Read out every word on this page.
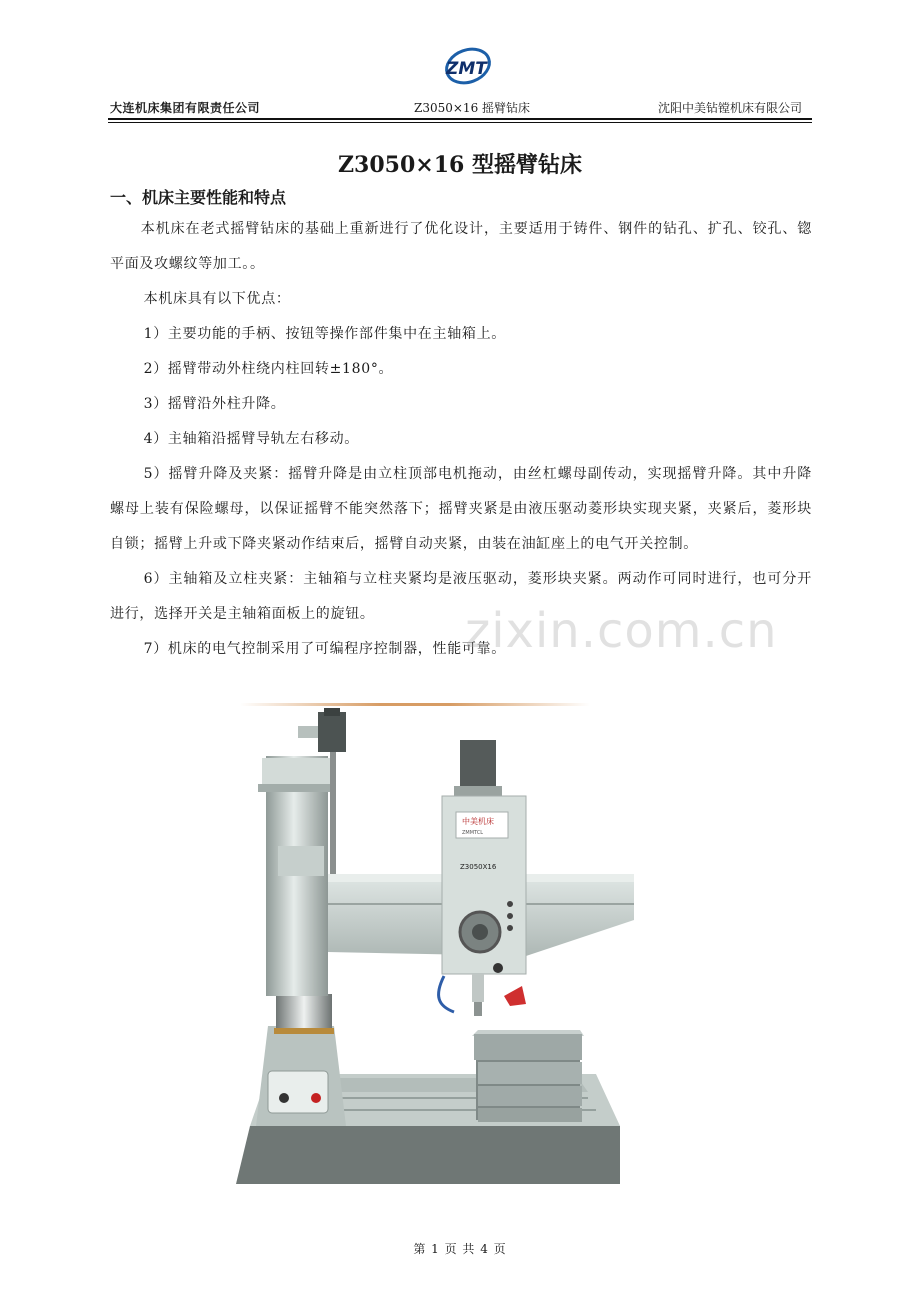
ZMT
大连机床集团有限责任公司	Z3050×16 摇臂钻床	沈阳中美钻镗机床有限公司
Z3050×16 型摇臂钻床
一、机床主要性能和特点

本机床在老式摇臂钻床的基础上重新进行了优化设计，主要适用于铸件、钢件的钻孔、扩孔、铰孔、锪平面及攻螺纹等加工。。

本机床具有以下优点：

1）主要功能的手柄、按钮等操作部件集中在主轴箱上。

2）摇臂带动外柱绕内柱回转±180°。

3）摇臂沿外柱升降。

4）主轴箱沿摇臂导轨左右移动。

5）摇臂升降及夹紧：摇臂升降是由立柱顶部电机拖动，由丝杠螺母副传动，实现摇臂升降。其中升降螺母上装有保险螺母，以保证摇臂不能突然落下；摇臂夹紧是由液压驱动菱形块实现夹紧，夹紧后，菱形块自锁；摇臂上升或下降夹紧动作结束后，摇臂自动夹紧，由装在油缸座上的电气开关控制。

6）主轴箱及立柱夹紧：主轴箱与立柱夹紧均是液压驱动，菱形块夹紧。两动作可同时进行，也可分开进行，选择开关是主轴箱面板上的旋钮。

7）机床的电气控制采用了可编程序控制器，性能可靠。

zixin.com.cn
中美机床
ZMMTCL
Z3050X16
第 1 页 共 4 页
